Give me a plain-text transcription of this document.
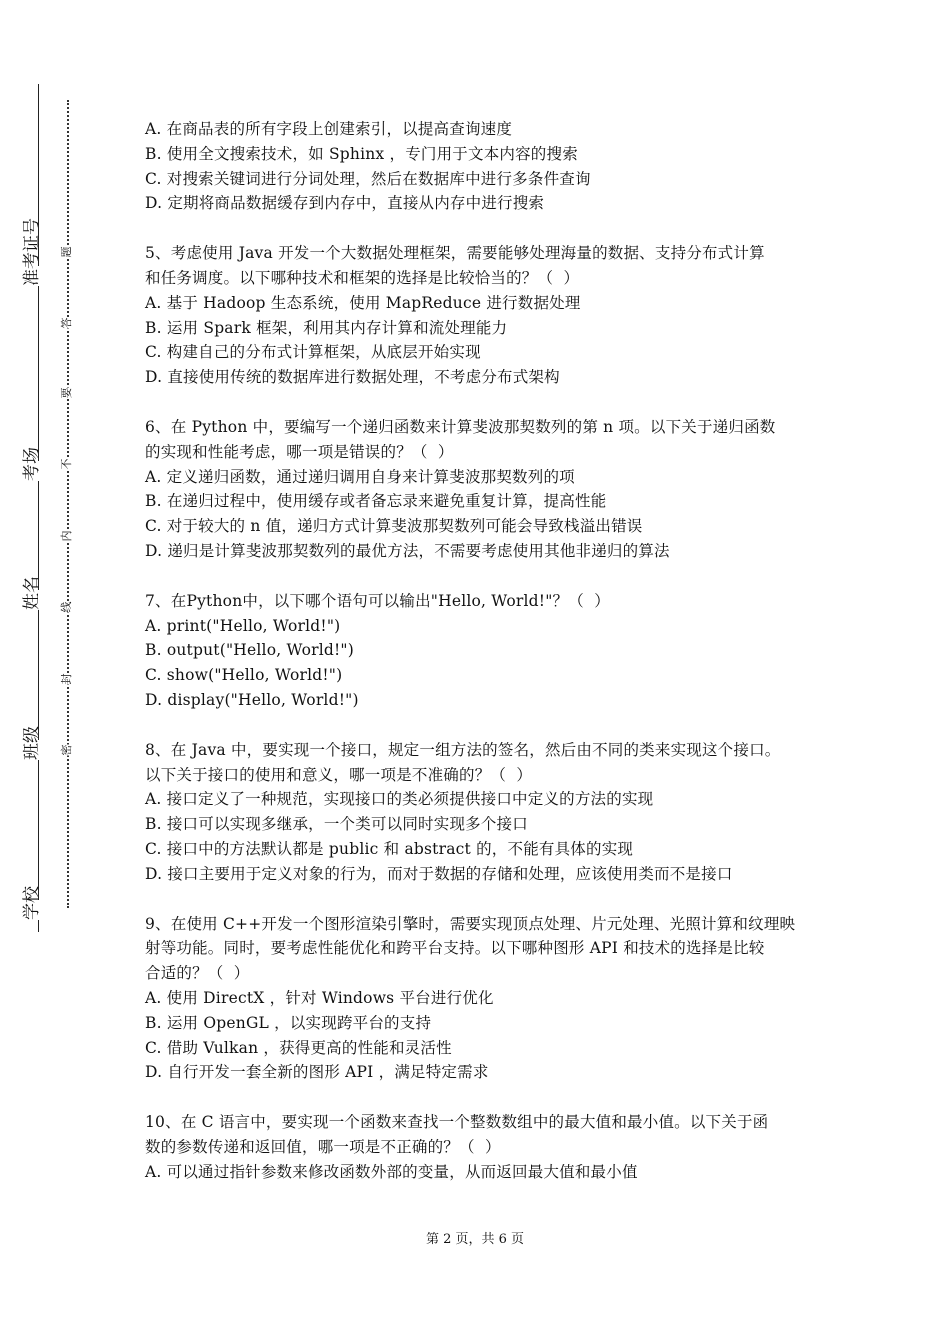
准考证号
考场
姓名
班级
学校
题
答
要
不
内
线
封
密
A. 在商品表的所有字段上创建索引，以提高查询速度
B. 使用全文搜索技术，如 Sphinx ，专门用于文本内容的搜索
C. 对搜索关键词进行分词处理，然后在数据库中进行多条件查询
D. 定期将商品数据缓存到内存中，直接从内存中进行搜索
5、考虑使用 Java 开发一个大数据处理框架，需要能够处理海量的数据、支持分布式计算
和任务调度。以下哪种技术和框架的选择是比较恰当的？（  ）
A. 基于 Hadoop 生态系统，使用 MapReduce 进行数据处理
B. 运用 Spark 框架，利用其内存计算和流处理能力
C. 构建自己的分布式计算框架，从底层开始实现
D. 直接使用传统的数据库进行数据处理，不考虑分布式架构
6、在 Python 中，要编写一个递归函数来计算斐波那契数列的第 n 项。以下关于递归函数
的实现和性能考虑，哪一项是错误的？（  ）
A. 定义递归函数，通过递归调用自身来计算斐波那契数列的项
B. 在递归过程中，使用缓存或者备忘录来避免重复计算，提高性能
C. 对于较大的 n 值，递归方式计算斐波那契数列可能会导致栈溢出错误
D. 递归是计算斐波那契数列的最优方法，不需要考虑使用其他非递归的算法
7、在Python中，以下哪个语句可以输出"Hello, World!"？（  ）
A. print("Hello, World!")
B. output("Hello, World!")
C. show("Hello, World!")
D. display("Hello, World!")
8、在 Java 中，要实现一个接口，规定一组方法的签名，然后由不同的类来实现这个接口。
以下关于接口的使用和意义，哪一项是不准确的？（  ）
A. 接口定义了一种规范，实现接口的类必须提供接口中定义的方法的实现
B. 接口可以实现多继承，一个类可以同时实现多个接口
C. 接口中的方法默认都是 public 和 abstract 的，不能有具体的实现
D. 接口主要用于定义对象的行为，而对于数据的存储和处理，应该使用类而不是接口
9、在使用 C++开发一个图形渲染引擎时，需要实现顶点处理、片元处理、光照计算和纹理映
射等功能。同时，要考虑性能优化和跨平台支持。以下哪种图形 API 和技术的选择是比较
合适的？（  ）
A. 使用 DirectX ，针对 Windows 平台进行优化
B. 运用 OpenGL ，以实现跨平台的支持
C. 借助 Vulkan ，获得更高的性能和灵活性
D. 自行开发一套全新的图形 API ，满足特定需求
10、在 C 语言中，要实现一个函数来查找一个整数数组中的最大值和最小值。以下关于函
数的参数传递和返回值，哪一项是不正确的？（  ）
A. 可以通过指针参数来修改函数外部的变量，从而返回最大值和最小值
第 2 页，共 6 页
